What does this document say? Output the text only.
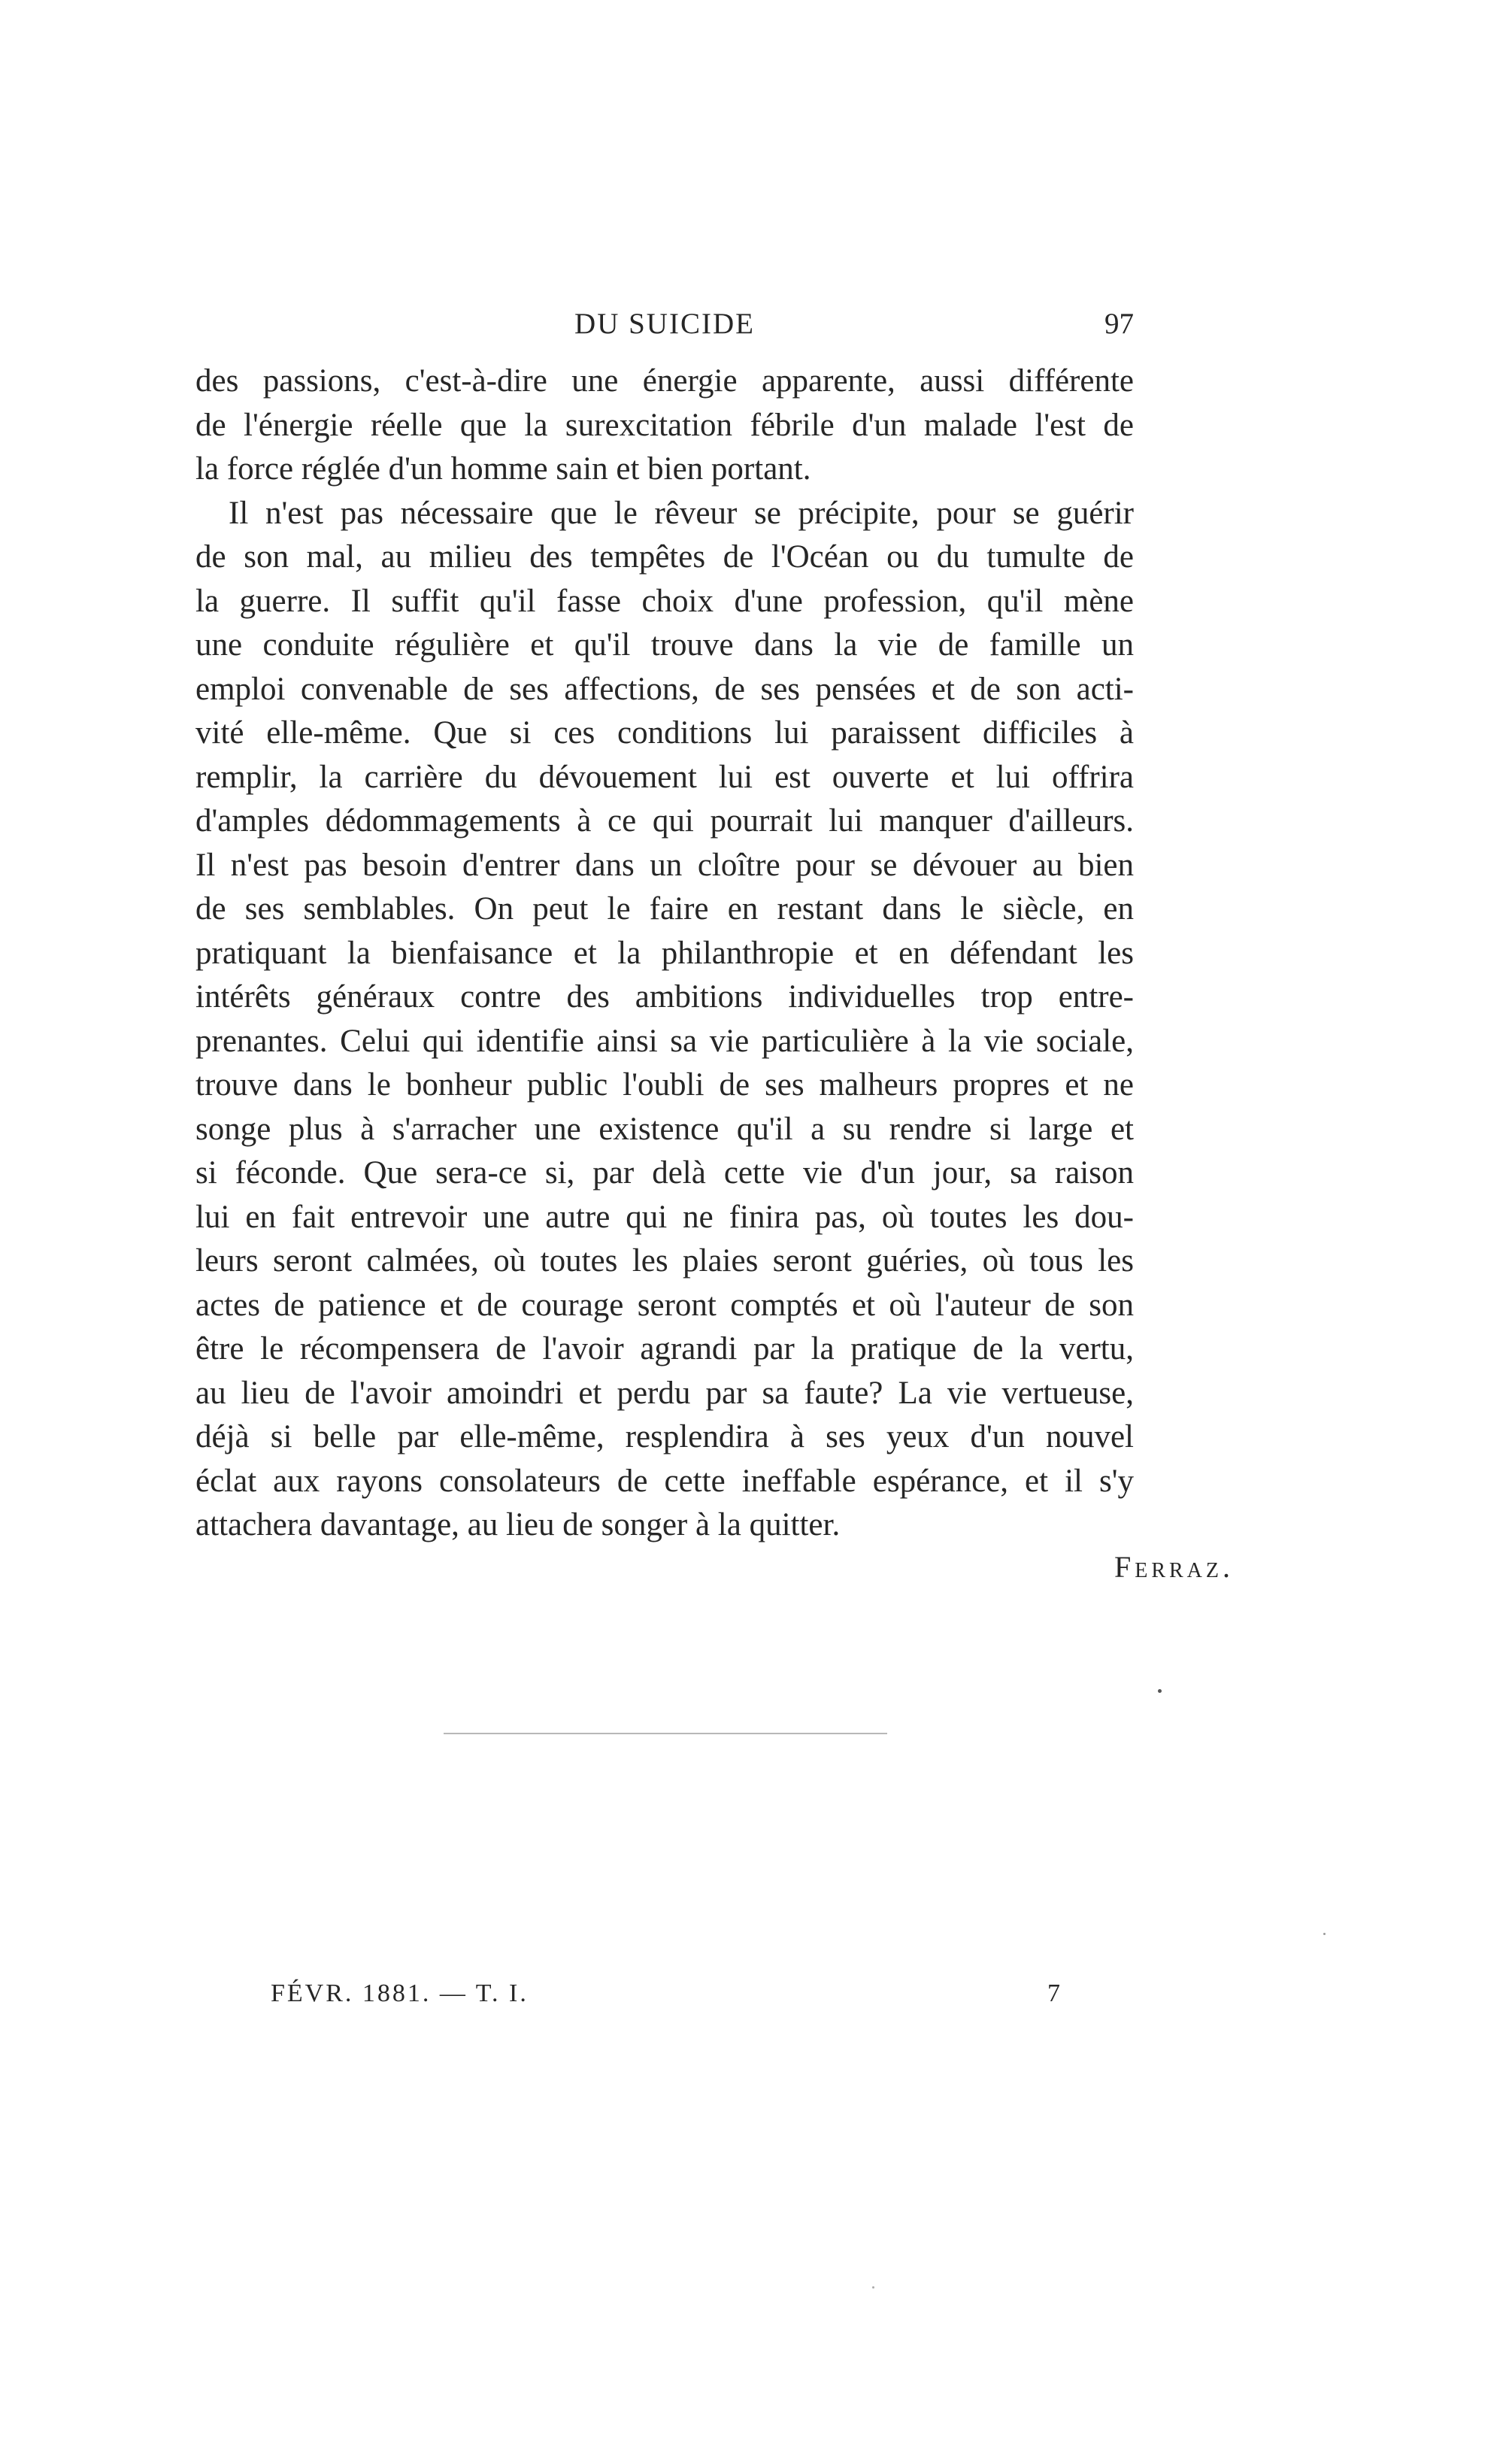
DU SUICIDE	97
des passions, c'est-à-dire une énergie apparente, aussi différente
de l'énergie réelle que la surexcitation fébrile d'un malade l'est de
la force réglée d'un homme sain et bien portant.
Il n'est pas nécessaire que le rêveur se précipite, pour se guérir
de son mal, au milieu des tempêtes de l'Océan ou du tumulte de
la guerre. Il suffit qu'il fasse choix d'une profession, qu'il mène
une conduite régulière et qu'il trouve dans la vie de famille un
emploi convenable de ses affections, de ses pensées et de son acti-
vité elle-même. Que si ces conditions lui paraissent difficiles à
remplir, la carrière du dévouement lui est ouverte et lui offrira
d'amples dédommagements à ce qui pourrait lui manquer d'ailleurs.
Il n'est pas besoin d'entrer dans un cloître pour se dévouer au bien
de ses semblables. On peut le faire en restant dans le siècle, en
pratiquant la bienfaisance et la philanthropie et en défendant les
intérêts généraux contre des ambitions individuelles trop entre-
prenantes. Celui qui identifie ainsi sa vie particulière à la vie sociale,
trouve dans le bonheur public l'oubli de ses malheurs propres et ne
songe plus à s'arracher une existence qu'il a su rendre si large et
si féconde. Que sera-ce si, par delà cette vie d'un jour, sa raison
lui en fait entrevoir une autre qui ne finira pas, où toutes les dou-
leurs seront calmées, où toutes les plaies seront guéries, où tous les
actes de patience et de courage seront comptés et où l'auteur de son
être le récompensera de l'avoir agrandi par la pratique de la vertu,
au lieu de l'avoir amoindri et perdu par sa faute? La vie vertueuse,
déjà si belle par elle-même, resplendira à ses yeux d'un nouvel
éclat aux rayons consolateurs de cette ineffable espérance, et il s'y
attachera davantage, au lieu de songer à la quitter.
Ferraz.
FÉVR. 1881. — T. I.	7
